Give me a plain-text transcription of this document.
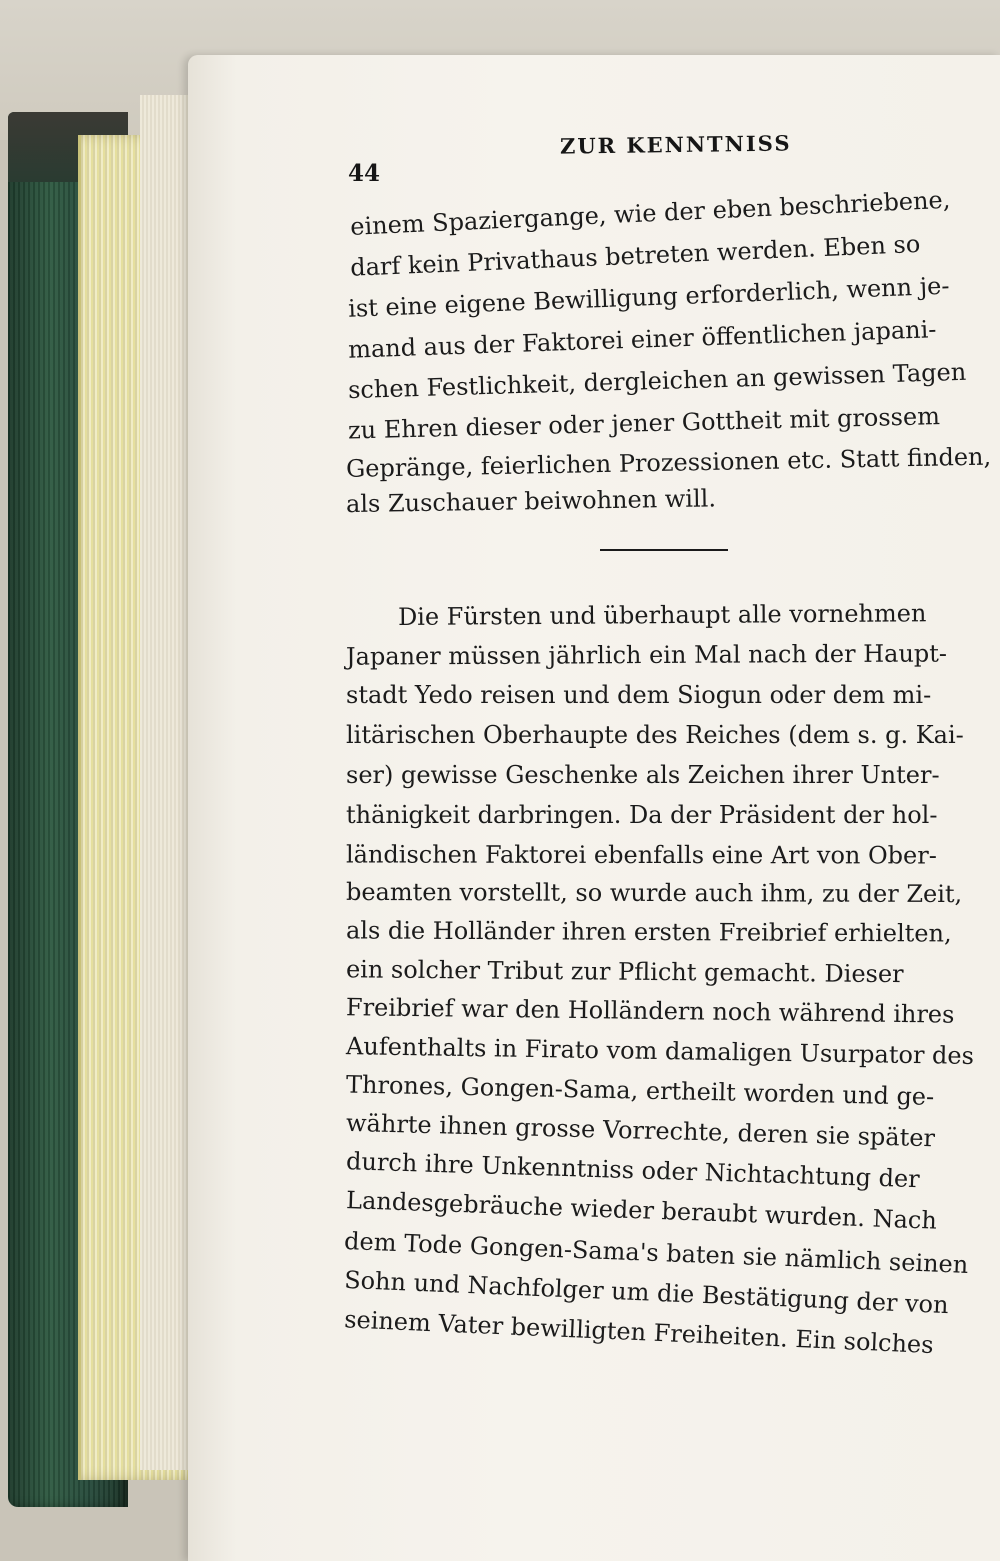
ZUR KENNTNISS
44
einem Spaziergange, wie der eben beschriebene,
darf kein Privathaus betreten werden. Eben so
ist eine eigene Bewilligung erforderlich, wenn je-
mand aus der Faktorei einer öffentlichen japani-
schen Festlichkeit, dergleichen an gewissen Tagen
zu Ehren dieser oder jener Gottheit mit grossem
Gepränge, feierlichen Prozessionen etc. Statt finden,
als Zuschauer beiwohnen will.
Die Fürsten und überhaupt alle vornehmen
Japaner müssen jährlich ein Mal nach der Haupt-
stadt Yedo reisen und dem Siogun oder dem mi-
litärischen Oberhaupte des Reiches (dem s. g. Kai-
ser) gewisse Geschenke als Zeichen ihrer Unter-
thänigkeit darbringen. Da der Präsident der hol-
ländischen Faktorei ebenfalls eine Art von Ober-
beamten vorstellt, so wurde auch ihm, zu der Zeit,
als die Holländer ihren ersten Freibrief erhielten,
ein solcher Tribut zur Pflicht gemacht. Dieser
Freibrief war den Holländern noch während ihres
Aufenthalts in Firato vom damaligen Usurpator des
Thrones, Gongen-Sama, ertheilt worden und ge-
währte ihnen grosse Vorrechte, deren sie später
durch ihre Unkenntniss oder Nichtachtung der
Landesgebräuche wieder beraubt wurden. Nach
dem Tode Gongen-Sama's baten sie nämlich seinen
Sohn und Nachfolger um die Bestätigung der von
seinem Vater bewilligten Freiheiten. Ein solches
